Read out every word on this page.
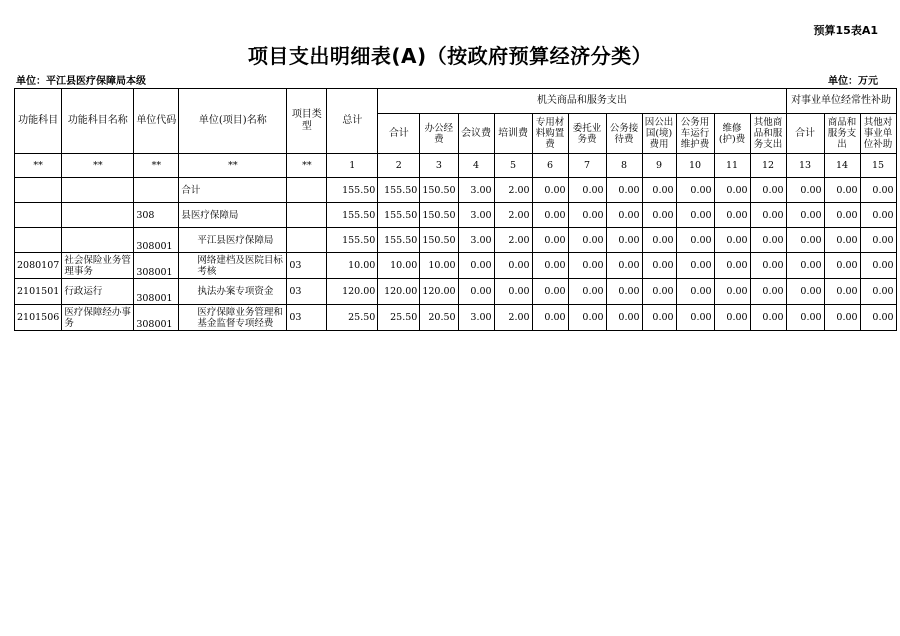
预算15表A1
项目支出明细表(A)（按政府预算经济分类）
单位：平江县医疗保障局本级	单位：万元
功能科目	功能科目名称	单位代码	单位(项目)名称	项目类型	总计	机关商品和服务支出											对事业单位经常性补助		
						合计	办公经费	会议费	培训费	专用材料购置费	委托业务费	公务接待费	因公出国(境)费用	公务用车运行维护费	维修(护)费	其他商品和服务支出	合计	商品和服务支出	其他对事业单位补助
**	**	**	**	**	1	2	3	4	5	6	7	8	9	10	11	12	13	14	15
			合计		155.50	155.50	150.50	3.00	2.00	0.00	0.00	0.00	0.00	0.00	0.00	0.00	0.00	0.00	0.00
		308	县医疗保障局		155.50	155.50	150.50	3.00	2.00	0.00	0.00	0.00	0.00	0.00	0.00	0.00	0.00	0.00	0.00
		308001	平江县医疗保障局		155.50	155.50	150.50	3.00	2.00	0.00	0.00	0.00	0.00	0.00	0.00	0.00	0.00	0.00	0.00
2080107	社会保险业务管理事务	308001	网络建档及医院目标考核	03	10.00	10.00	10.00	0.00	0.00	0.00	0.00	0.00	0.00	0.00	0.00	0.00	0.00	0.00	0.00
2101501	行政运行	308001	执法办案专项资金	03	120.00	120.00	120.00	0.00	0.00	0.00	0.00	0.00	0.00	0.00	0.00	0.00	0.00	0.00	0.00
2101506	医疗保障经办事务	308001	医疗保障业务管理和基金监督专项经费	03	25.50	25.50	20.50	3.00	2.00	0.00	0.00	0.00	0.00	0.00	0.00	0.00	0.00	0.00	0.00
